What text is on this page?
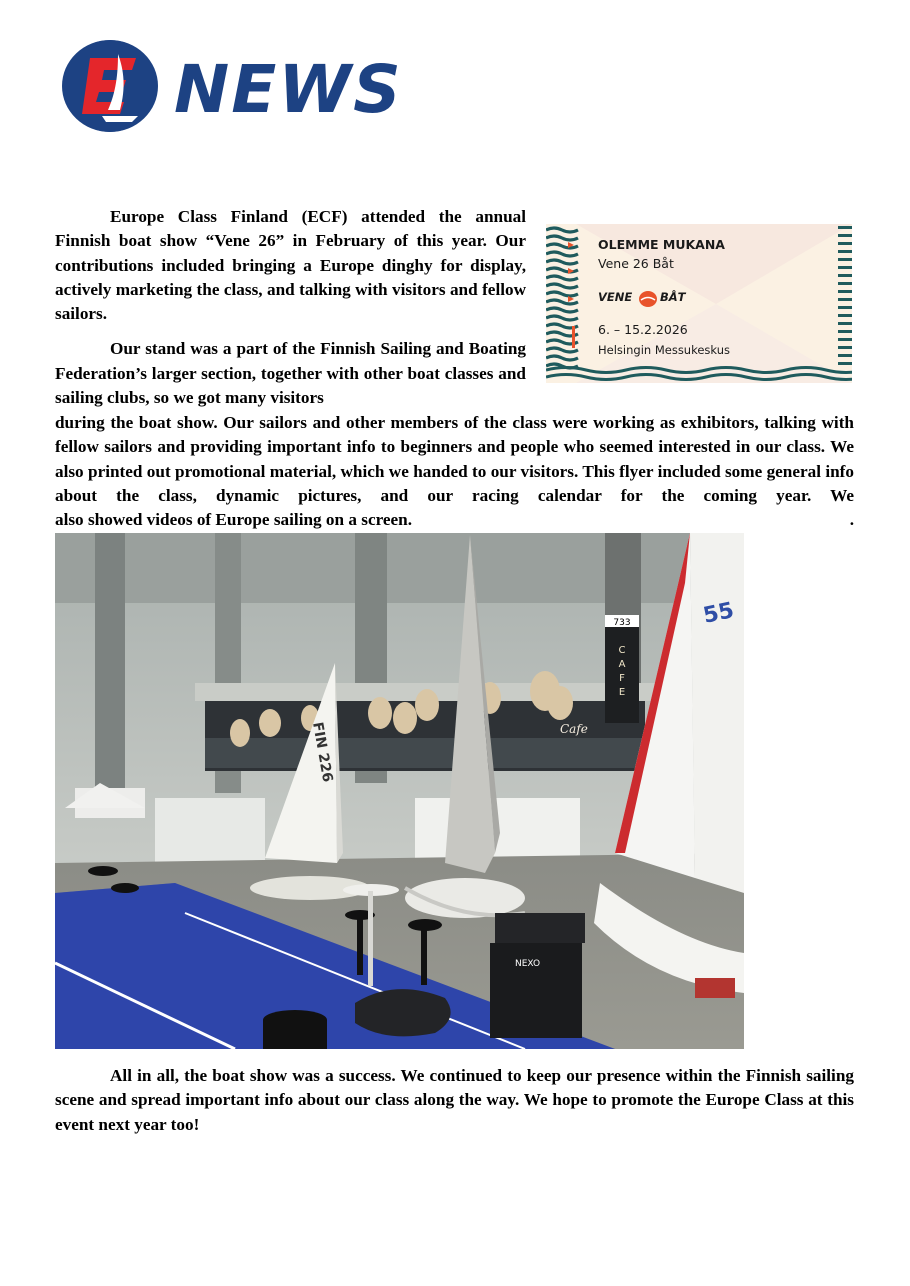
NEWS

Europe Class Finland (ECF) attended the annual Finnish boat show “Vene 26” in February of this year. Our contributions included bringing a Europe dinghy for display, actively marketing the class, and talking with visitors and fellow sailors.

Our stand was a part of the Finnish Sailing and Boating Federation’s larger section, together with other boat classes and sailing clubs, so we got many visitors

OLEMME MUKANA
Vene 26 Båt
VENE BÅT
6. – 15.2.2026
Helsingin Messukeskus

during the boat show. Our sailors and other members of the class were working as exhibitors, talking with fellow sailors and providing important info to beginners and people who seemed interested in our class. We also printed out promotional material, which we handed to our visitors. This flyer included some general info about the class, dynamic pictures, and our racing calendar for the coming year. We

also showed videos of Europe sailing on a screen.	.
C
A
F
E
733
Cafe
FIN 226
55
NEXO

All in all, the boat show was a success. We continued to keep our presence within the Finnish sailing scene and spread important info about our class along the way. We hope to promote the Europe Class at this event next year too!
